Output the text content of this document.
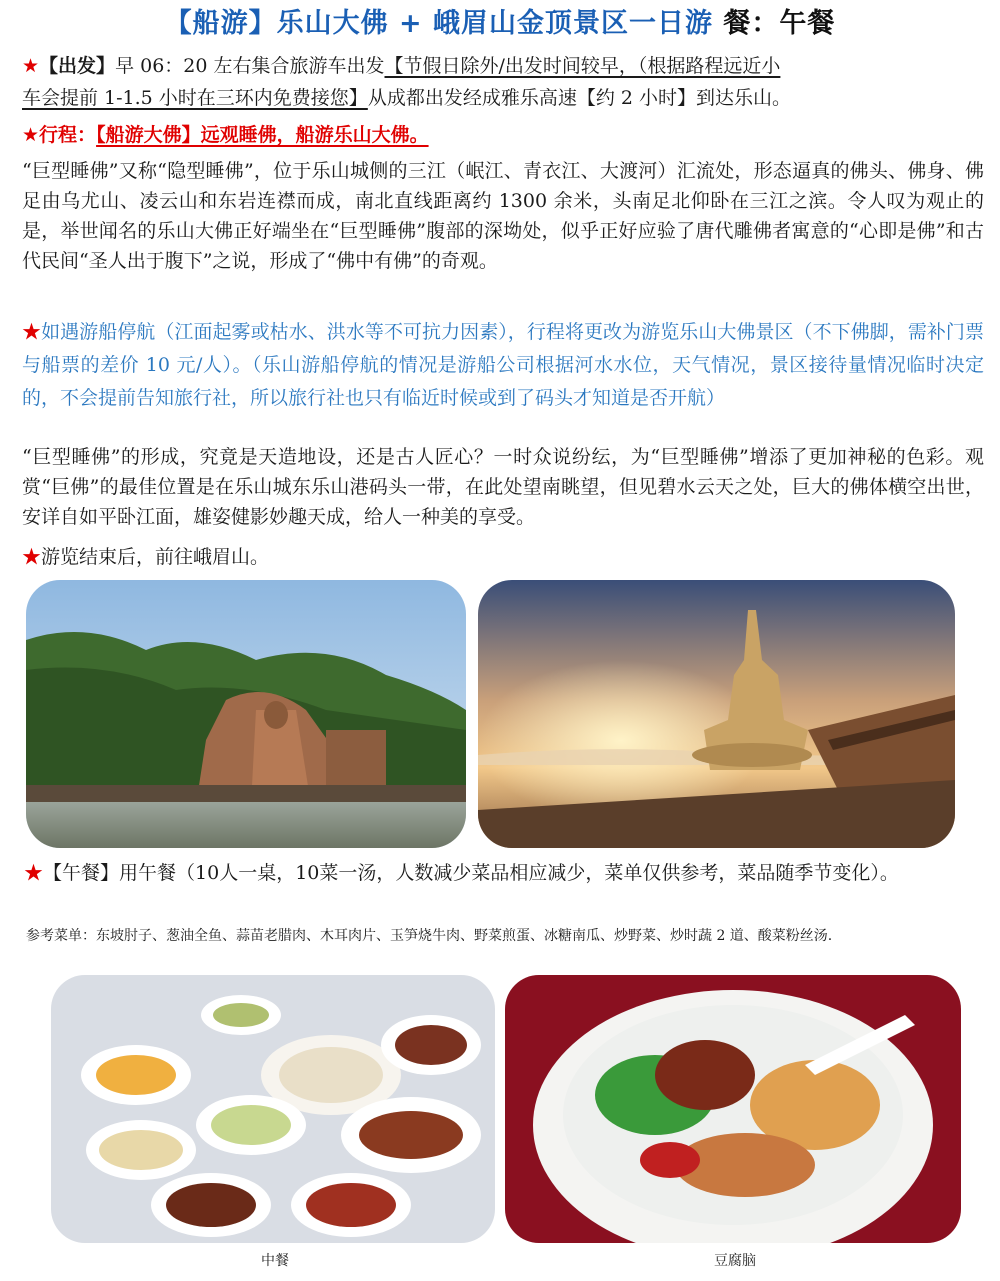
【船游】乐山大佛 + 峨眉山金顶景区一日游 餐：午餐
★【出发】早 06：20 左右集合旅游车出发【节假日除外/出发时间较早，（根据路程远近小
车会提前 1-1.5 小时在三环内免费接您】从成都出发经成雅乐高速【约 2 小时】到达乐山。
★行程：【船游大佛】远观睡佛，船游乐山大佛。
“巨型睡佛”又称“隐型睡佛”，位于乐山城侧的三江（岷江、青衣江、大渡河）汇流处，形态逼真的佛头、佛身、佛足由乌尤山、凌云山和东岩连襟而成，南北直线距离约 1300 余米，头南足北仰卧在三江之滨。令人叹为观止的是，举世闻名的乐山大佛正好端坐在“巨型睡佛”腹部的深坳处，似乎正好应验了唐代雕佛者寓意的“心即是佛”和古代民间“圣人出于腹下”之说，形成了“佛中有佛”的奇观。
★如遇游船停航（江面起雾或枯水、洪水等不可抗力因素），行程将更改为游览乐山大佛景区（不下佛脚，需补门票与船票的差价 10 元/人）。（乐山游船停航的情况是游船公司根据河水水位，天气情况，景区接待量情况临时决定的，不会提前告知旅行社，所以旅行社也只有临近时候或到了码头才知道是否开航）
“巨型睡佛”的形成，究竟是天造地设，还是古人匠心？一时众说纷纭，为“巨型睡佛”增添了更加神秘的色彩。观赏“巨佛”的最佳位置是在乐山城东乐山港码头一带，在此处望南眺望，但见碧水云天之处，巨大的佛体横空出世，安详自如平卧江面，雄姿健影妙趣天成，给人一种美的享受。
★游览结束后，前往峨眉山。
★【午餐】用午餐（10人一桌，10菜一汤，人数减少菜品相应减少，菜单仅供参考，菜品随季节变化）。
参考菜单：东坡肘子、葱油全鱼、蒜苗老腊肉、木耳肉片、玉笋烧牛肉、野菜煎蛋、冰糖南瓜、炒野菜、炒时蔬 2 道、酸菜粉丝汤.
中餐	豆腐脑
